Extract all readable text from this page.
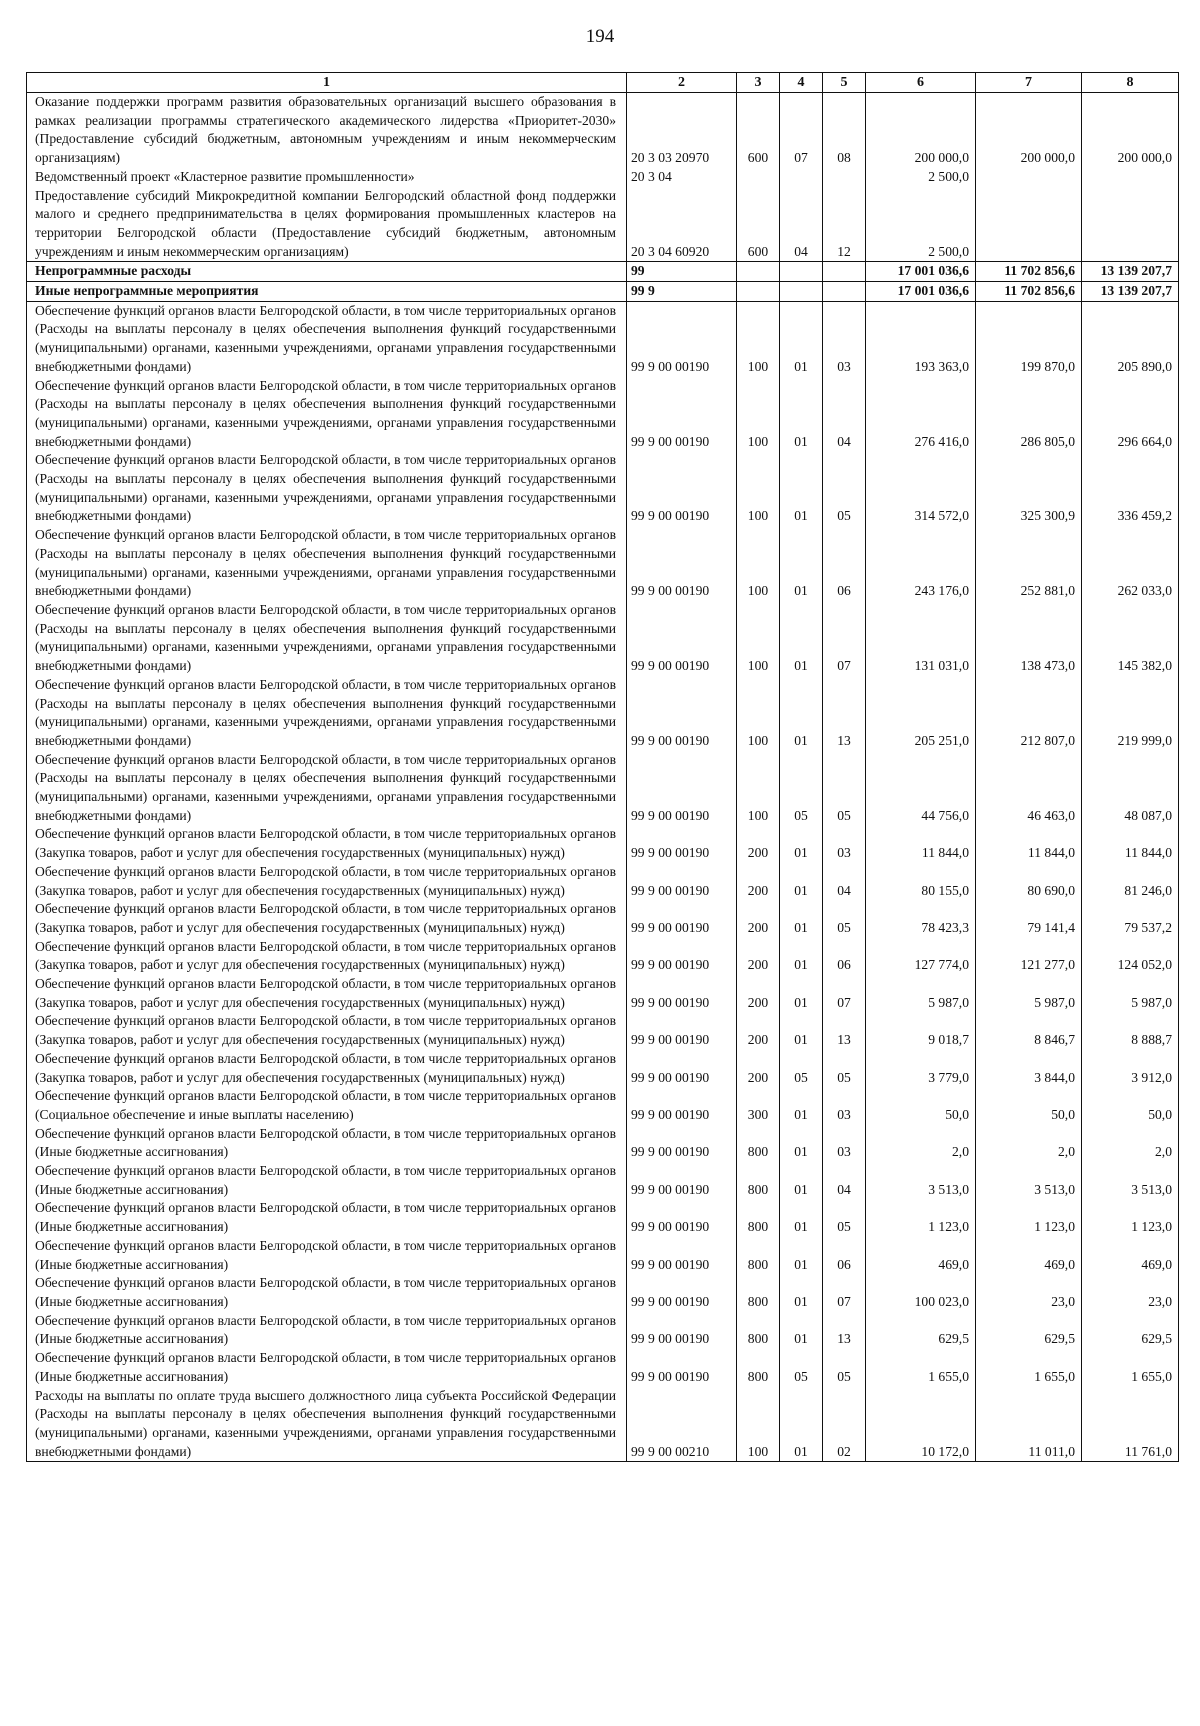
194
1	2	3	4	5	6	7	8
Оказание поддержки программ развития образовательных организаций высшего образования в рамках реализации программы стратегического академического лидерства «Приоритет-2030» (Предоставление субсидий бюджетным, автономным учреждениям и иным некоммерческим организациям)	20 3 03 20970	600	07	08	200 000,0	200 000,0	200 000,0
Ведомственный проект «Кластерное развитие промышленности»	20 3 04				2 500,0		
Предоставление субсидий Микрокредитной компании Белгородский областной фонд поддержки малого и среднего предпринимательства в целях формирования промышленных кластеров на территории Белгородской области (Предоставление субсидий бюджетным, автономным учреждениям и иным некоммерческим организациям)	20 3 04 60920	600	04	12	2 500,0		
Непрограммные расходы	99				17 001 036,6	11 702 856,6	13 139 207,7
Иные непрограммные мероприятия	99 9				17 001 036,6	11 702 856,6	13 139 207,7
Обеспечение функций органов власти Белгородской области, в том числе территориальных органов (Расходы на выплаты персоналу в целях обеспечения выполнения функций государственными (муниципальными) органами, казенными учреждениями, органами управления государственными внебюджетными фондами)	99 9 00 00190	100	01	03	193 363,0	199 870,0	205 890,0
Обеспечение функций органов власти Белгородской области, в том числе территориальных органов (Расходы на выплаты персоналу в целях обеспечения выполнения функций государственными (муниципальными) органами, казенными учреждениями, органами управления государственными внебюджетными фондами)	99 9 00 00190	100	01	04	276 416,0	286 805,0	296 664,0
Обеспечение функций органов власти Белгородской области, в том числе территориальных органов (Расходы на выплаты персоналу в целях обеспечения выполнения функций государственными (муниципальными) органами, казенными учреждениями, органами управления государственными внебюджетными фондами)	99 9 00 00190	100	01	05	314 572,0	325 300,9	336 459,2
Обеспечение функций органов власти Белгородской области, в том числе территориальных органов (Расходы на выплаты персоналу в целях обеспечения выполнения функций государственными (муниципальными) органами, казенными учреждениями, органами управления государственными внебюджетными фондами)	99 9 00 00190	100	01	06	243 176,0	252 881,0	262 033,0
Обеспечение функций органов власти Белгородской области, в том числе территориальных органов (Расходы на выплаты персоналу в целях обеспечения выполнения функций государственными (муниципальными) органами, казенными учреждениями, органами управления государственными внебюджетными фондами)	99 9 00 00190	100	01	07	131 031,0	138 473,0	145 382,0
Обеспечение функций органов власти Белгородской области, в том числе территориальных органов (Расходы на выплаты персоналу в целях обеспечения выполнения функций государственными (муниципальными) органами, казенными учреждениями, органами управления государственными внебюджетными фондами)	99 9 00 00190	100	01	13	205 251,0	212 807,0	219 999,0
Обеспечение функций органов власти Белгородской области, в том числе территориальных органов (Расходы на выплаты персоналу в целях обеспечения выполнения функций государственными (муниципальными) органами, казенными учреждениями, органами управления государственными внебюджетными фондами)	99 9 00 00190	100	05	05	44 756,0	46 463,0	48 087,0
Обеспечение функций органов власти Белгородской области, в том числе территориальных органов (Закупка товаров, работ и услуг для обеспечения государственных (муниципальных) нужд)	99 9 00 00190	200	01	03	11 844,0	11 844,0	11 844,0
Обеспечение функций органов власти Белгородской области, в том числе территориальных органов (Закупка товаров, работ и услуг для обеспечения государственных (муниципальных) нужд)	99 9 00 00190	200	01	04	80 155,0	80 690,0	81 246,0
Обеспечение функций органов власти Белгородской области, в том числе территориальных органов (Закупка товаров, работ и услуг для обеспечения государственных (муниципальных) нужд)	99 9 00 00190	200	01	05	78 423,3	79 141,4	79 537,2
Обеспечение функций органов власти Белгородской области, в том числе территориальных органов (Закупка товаров, работ и услуг для обеспечения государственных (муниципальных) нужд)	99 9 00 00190	200	01	06	127 774,0	121 277,0	124 052,0
Обеспечение функций органов власти Белгородской области, в том числе территориальных органов (Закупка товаров, работ и услуг для обеспечения государственных (муниципальных) нужд)	99 9 00 00190	200	01	07	5 987,0	5 987,0	5 987,0
Обеспечение функций органов власти Белгородской области, в том числе территориальных органов (Закупка товаров, работ и услуг для обеспечения государственных (муниципальных) нужд)	99 9 00 00190	200	01	13	9 018,7	8 846,7	8 888,7
Обеспечение функций органов власти Белгородской области, в том числе территориальных органов (Закупка товаров, работ и услуг для обеспечения государственных (муниципальных) нужд)	99 9 00 00190	200	05	05	3 779,0	3 844,0	3 912,0
Обеспечение функций органов власти Белгородской области, в том числе территориальных органов (Социальное обеспечение и иные выплаты населению)	99 9 00 00190	300	01	03	50,0	50,0	50,0
Обеспечение функций органов власти Белгородской области, в том числе территориальных органов (Иные бюджетные ассигнования)	99 9 00 00190	800	01	03	2,0	2,0	2,0
Обеспечение функций органов власти Белгородской области, в том числе территориальных органов (Иные бюджетные ассигнования)	99 9 00 00190	800	01	04	3 513,0	3 513,0	3 513,0
Обеспечение функций органов власти Белгородской области, в том числе территориальных органов (Иные бюджетные ассигнования)	99 9 00 00190	800	01	05	1 123,0	1 123,0	1 123,0
Обеспечение функций органов власти Белгородской области, в том числе территориальных органов (Иные бюджетные ассигнования)	99 9 00 00190	800	01	06	469,0	469,0	469,0
Обеспечение функций органов власти Белгородской области, в том числе территориальных органов (Иные бюджетные ассигнования)	99 9 00 00190	800	01	07	100 023,0	23,0	23,0
Обеспечение функций органов власти Белгородской области, в том числе территориальных органов (Иные бюджетные ассигнования)	99 9 00 00190	800	01	13	629,5	629,5	629,5
Обеспечение функций органов власти Белгородской области, в том числе территориальных органов (Иные бюджетные ассигнования)	99 9 00 00190	800	05	05	1 655,0	1 655,0	1 655,0
Расходы на выплаты по оплате труда высшего должностного лица субъекта Российской Федерации (Расходы на выплаты персоналу в целях обеспечения выполнения функций государственными (муниципальными) органами, казенными учреждениями, органами управления государственными внебюджетными фондами)	99 9 00 00210	100	01	02	10 172,0	11 011,0	11 761,0
